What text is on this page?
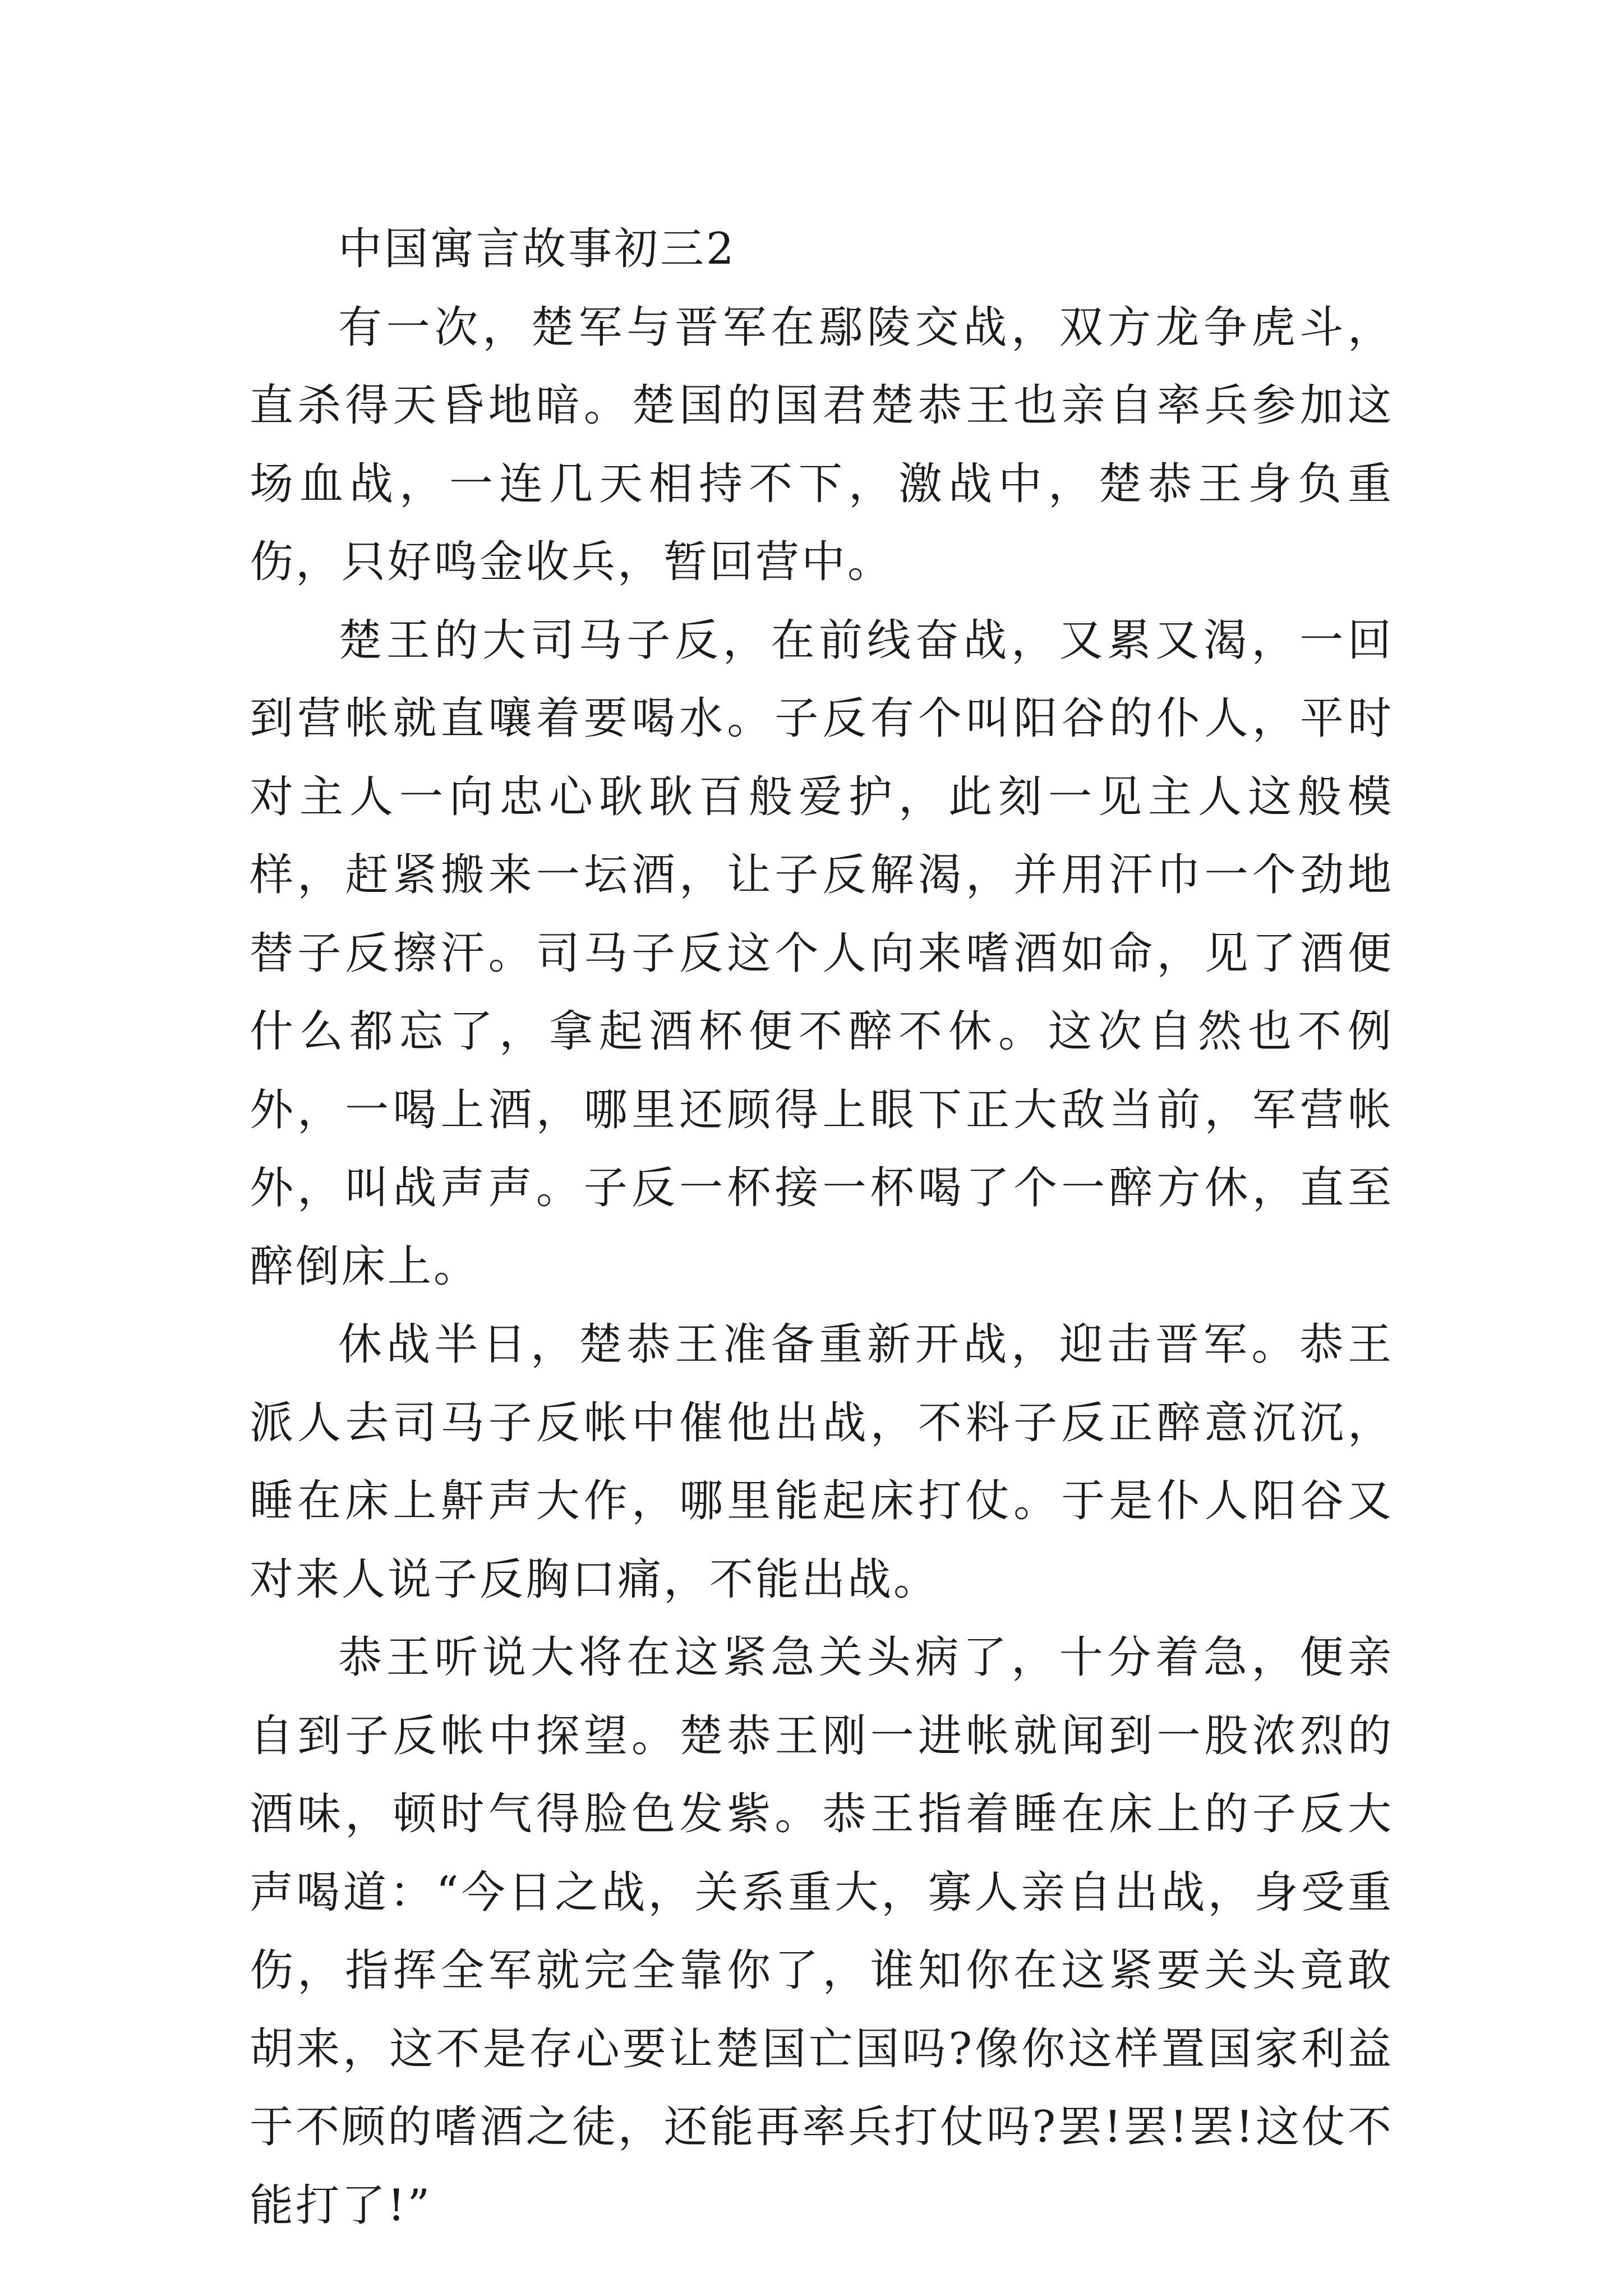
中国寓言故事初三2

有一次，楚军与晋军在鄢陵交战，双方龙争虎斗，直杀得天昏地暗。楚国的国君楚恭王也亲自率兵参加这场血战，一连几天相持不下，激战中，楚恭王身负重伤，只好鸣金收兵，暂回营中。

楚王的大司马子反，在前线奋战，又累又渴，一回到营帐就直嚷着要喝水。子反有个叫阳谷的仆人，平时对主人一向忠心耿耿百般爱护，此刻一见主人这般模样，赶紧搬来一坛酒，让子反解渴，并用汗巾一个劲地替子反擦汗。司马子反这个人向来嗜酒如命，见了酒便什么都忘了，拿起酒杯便不醉不休。这次自然也不例外，一喝上酒，哪里还顾得上眼下正大敌当前，军营帐外，叫战声声。子反一杯接一杯喝了个一醉方休，直至醉倒床上。

休战半日，楚恭王准备重新开战，迎击晋军。恭王派人去司马子反帐中催他出战，不料子反正醉意沉沉，睡在床上鼾声大作，哪里能起床打仗。于是仆人阳谷又对来人说子反胸口痛，不能出战。

恭王听说大将在这紧急关头病了，十分着急，便亲自到子反帐中探望。楚恭王刚一进帐就闻到一股浓烈的酒味，顿时气得脸色发紫。恭王指着睡在床上的子反大声喝道：“今日之战，关系重大，寡人亲自出战，身受重伤，指挥全军就完全靠你了，谁知你在这紧要关头竟敢胡来，这不是存心要让楚国亡国吗?像你这样置国家利益于不顾的嗜酒之徒，还能再率兵打仗吗?罢!罢!罢!这仗不能打了!”
